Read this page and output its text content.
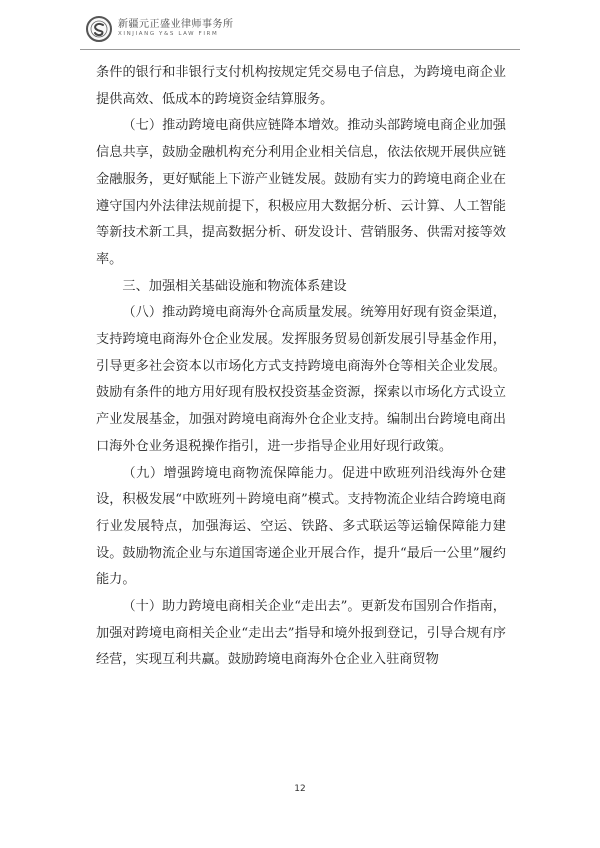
新疆元正盛业律师事务所
XINJIANG Y&S LAW FIRM

条件的银行和非银行支付机构按规定凭交易电子信息，为跨境电商企业提供高效、低成本的跨境资金结算服务。

（七）推动跨境电商供应链降本增效。推动头部跨境电商企业加强信息共享，鼓励金融机构充分利用企业相关信息，依法依规开展供应链金融服务，更好赋能上下游产业链发展。鼓励有实力的跨境电商企业在遵守国内外法律法规前提下，积极应用大数据分析、云计算、人工智能等新技术新工具，提高数据分析、研发设计、营销服务、供需对接等效率。

三、加强相关基础设施和物流体系建设

（八）推动跨境电商海外仓高质量发展。统筹用好现有资金渠道，支持跨境电商海外仓企业发展。发挥服务贸易创新发展引导基金作用，引导更多社会资本以市场化方式支持跨境电商海外仓等相关企业发展。鼓励有条件的地方用好现有股权投资基金资源，探索以市场化方式设立产业发展基金，加强对跨境电商海外仓企业支持。编制出台跨境电商出口海外仓业务退税操作指引，进一步指导企业用好现行政策。

（九）增强跨境电商物流保障能力。促进中欧班列沿线海外仓建设，积极发展“中欧班列＋跨境电商”模式。支持物流企业结合跨境电商行业发展特点，加强海运、空运、铁路、多式联运等运输保障能力建设。鼓励物流企业与东道国寄递企业开展合作，提升“最后一公里”履约能力。

（十）助力跨境电商相关企业“走出去”。更新发布国别合作指南，加强对跨境电商相关企业“走出去”指导和境外报到登记，引导合规有序经营，实现互利共赢。鼓励跨境电商海外仓企业入驻商贸物

12
